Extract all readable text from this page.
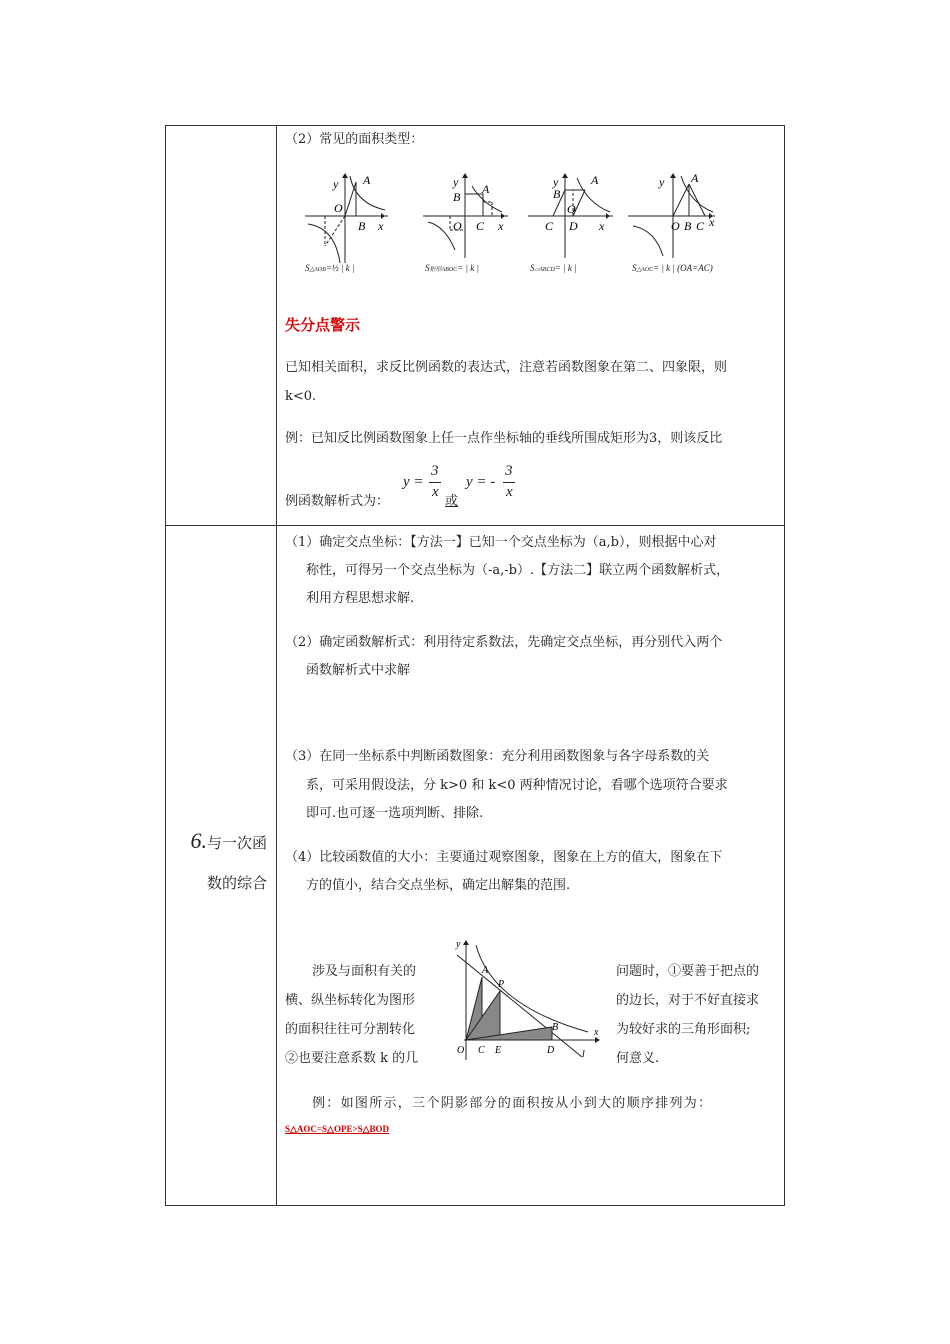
（2）常见的面积类型：
y A
O
B x
S△AOB=½ | k |
y
B
A
O C x
S矩形ABOC= | k |
y
B
A
O
C D x
S▱ABCD= | k |
y A
O B C x
S△AOC= | k | (OA=AC)
失分点警示
已知相关面积，求反比例函数的表达式，注意若函数图象在第二、四象限，则
k<0.
例：已知反比例函数图象上任一点作坐标轴的垂线所围成矩形为3，则该反比
例函数解析式为：
y =
3
x
或
y = -
3
x
6.与一次函
数的综合
（1）确定交点坐标：【方法一】已知一个交点坐标为（a,b），则根据中心对
称性，可得另一个交点坐标为（-a,-b）.【方法二】联立两个函数解析式，
利用方程思想求解.
（2）确定函数解析式：利用待定系数法，先确定交点坐标，再分别代入两个
函数解析式中求解
（3）在同一坐标系中判断函数图象：充分利用函数图象与各字母系数的关
系，可采用假设法，分 k>0 和 k<0 两种情况讨论，看哪个选项符合要求
即可.也可逐一选项判断、排除.
（4）比较函数值的大小：主要通过观察图象，图象在上方的值大，图象在下
方的值小，结合交点坐标，确定出解集的范围.
涉及与面积有关的
横、纵坐标转化为图形
的面积往往可分割转化
②也要注意系数 k 的几
问题时，①要善于把点的
的边长，对于不好直接求
为较好求的三角形面积;
何意义.
y
A
P
B	x
O C E	D	l
例：如图所示，三个阴影部分的面积按从小到大的顺序排列为：
S△AOC=S△OPE>S△BOD
